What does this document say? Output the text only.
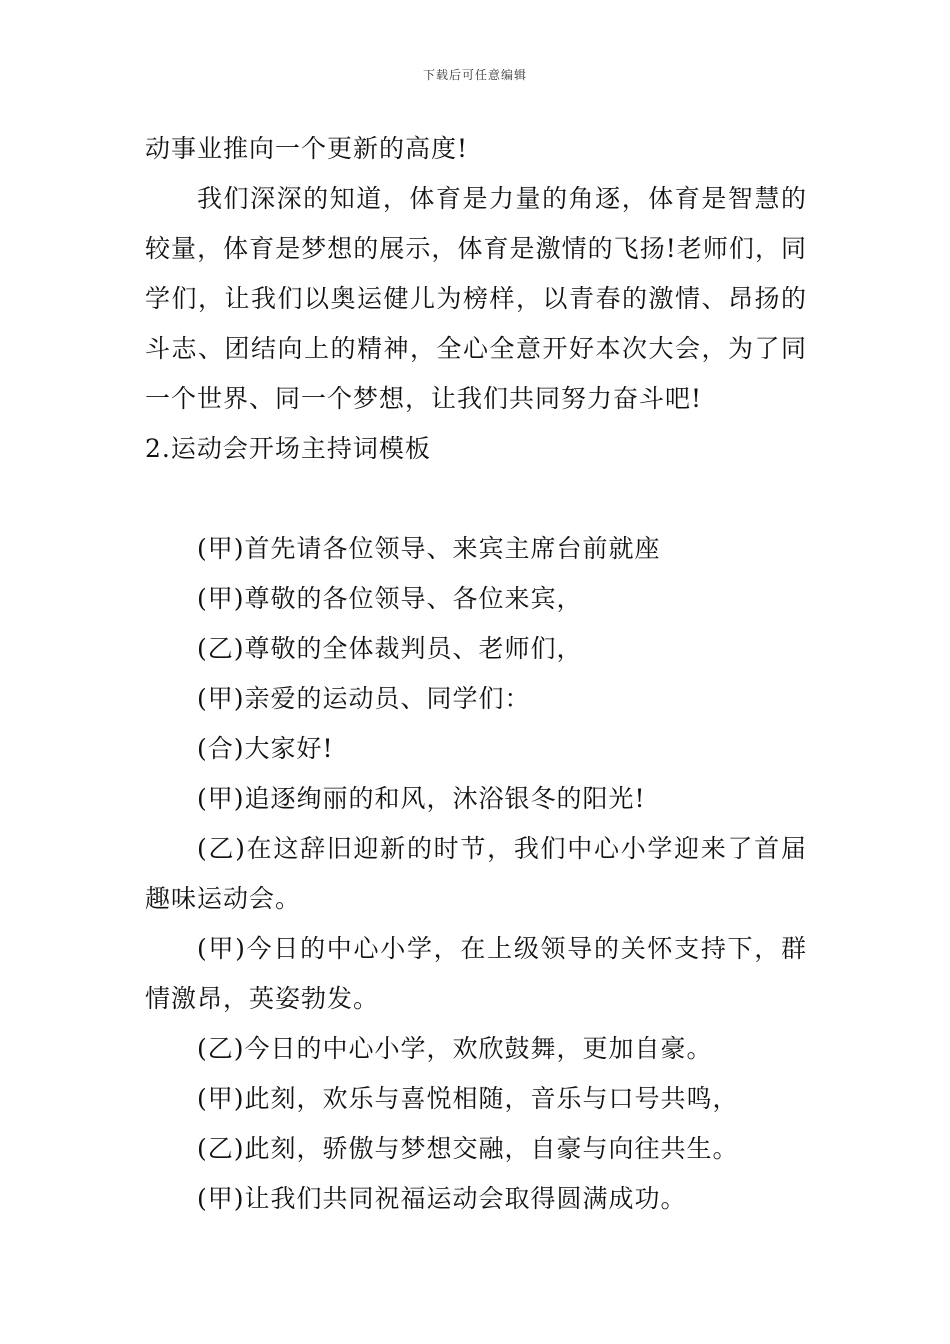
下载后可任意编辑

动事业推向一个更新的高度!

我们深深的知道，体育是力量的角逐，体育是智慧的较量，体育是梦想的展示，体育是激情的飞扬!老师们，同学们，让我们以奥运健儿为榜样，以青春的激情、昂扬的斗志、团结向上的精神，全心全意开好本次大会，为了同一个世界、同一个梦想，让我们共同努力奋斗吧!

2.运动会开场主持词模板

(甲)首先请各位领导、来宾主席台前就座

(甲)尊敬的各位领导、各位来宾，

(乙)尊敬的全体裁判员、老师们，

(甲)亲爱的运动员、同学们：

(合)大家好!

(甲)追逐绚丽的和风，沐浴银冬的阳光!

(乙)在这辞旧迎新的时节，我们中心小学迎来了首届趣味运动会。

(甲)今日的中心小学，在上级领导的关怀支持下，群情激昂，英姿勃发。

(乙)今日的中心小学，欢欣鼓舞，更加自豪。

(甲)此刻，欢乐与喜悦相随，音乐与口号共鸣，

(乙)此刻，骄傲与梦想交融，自豪与向往共生。

(甲)让我们共同祝福运动会取得圆满成功。
